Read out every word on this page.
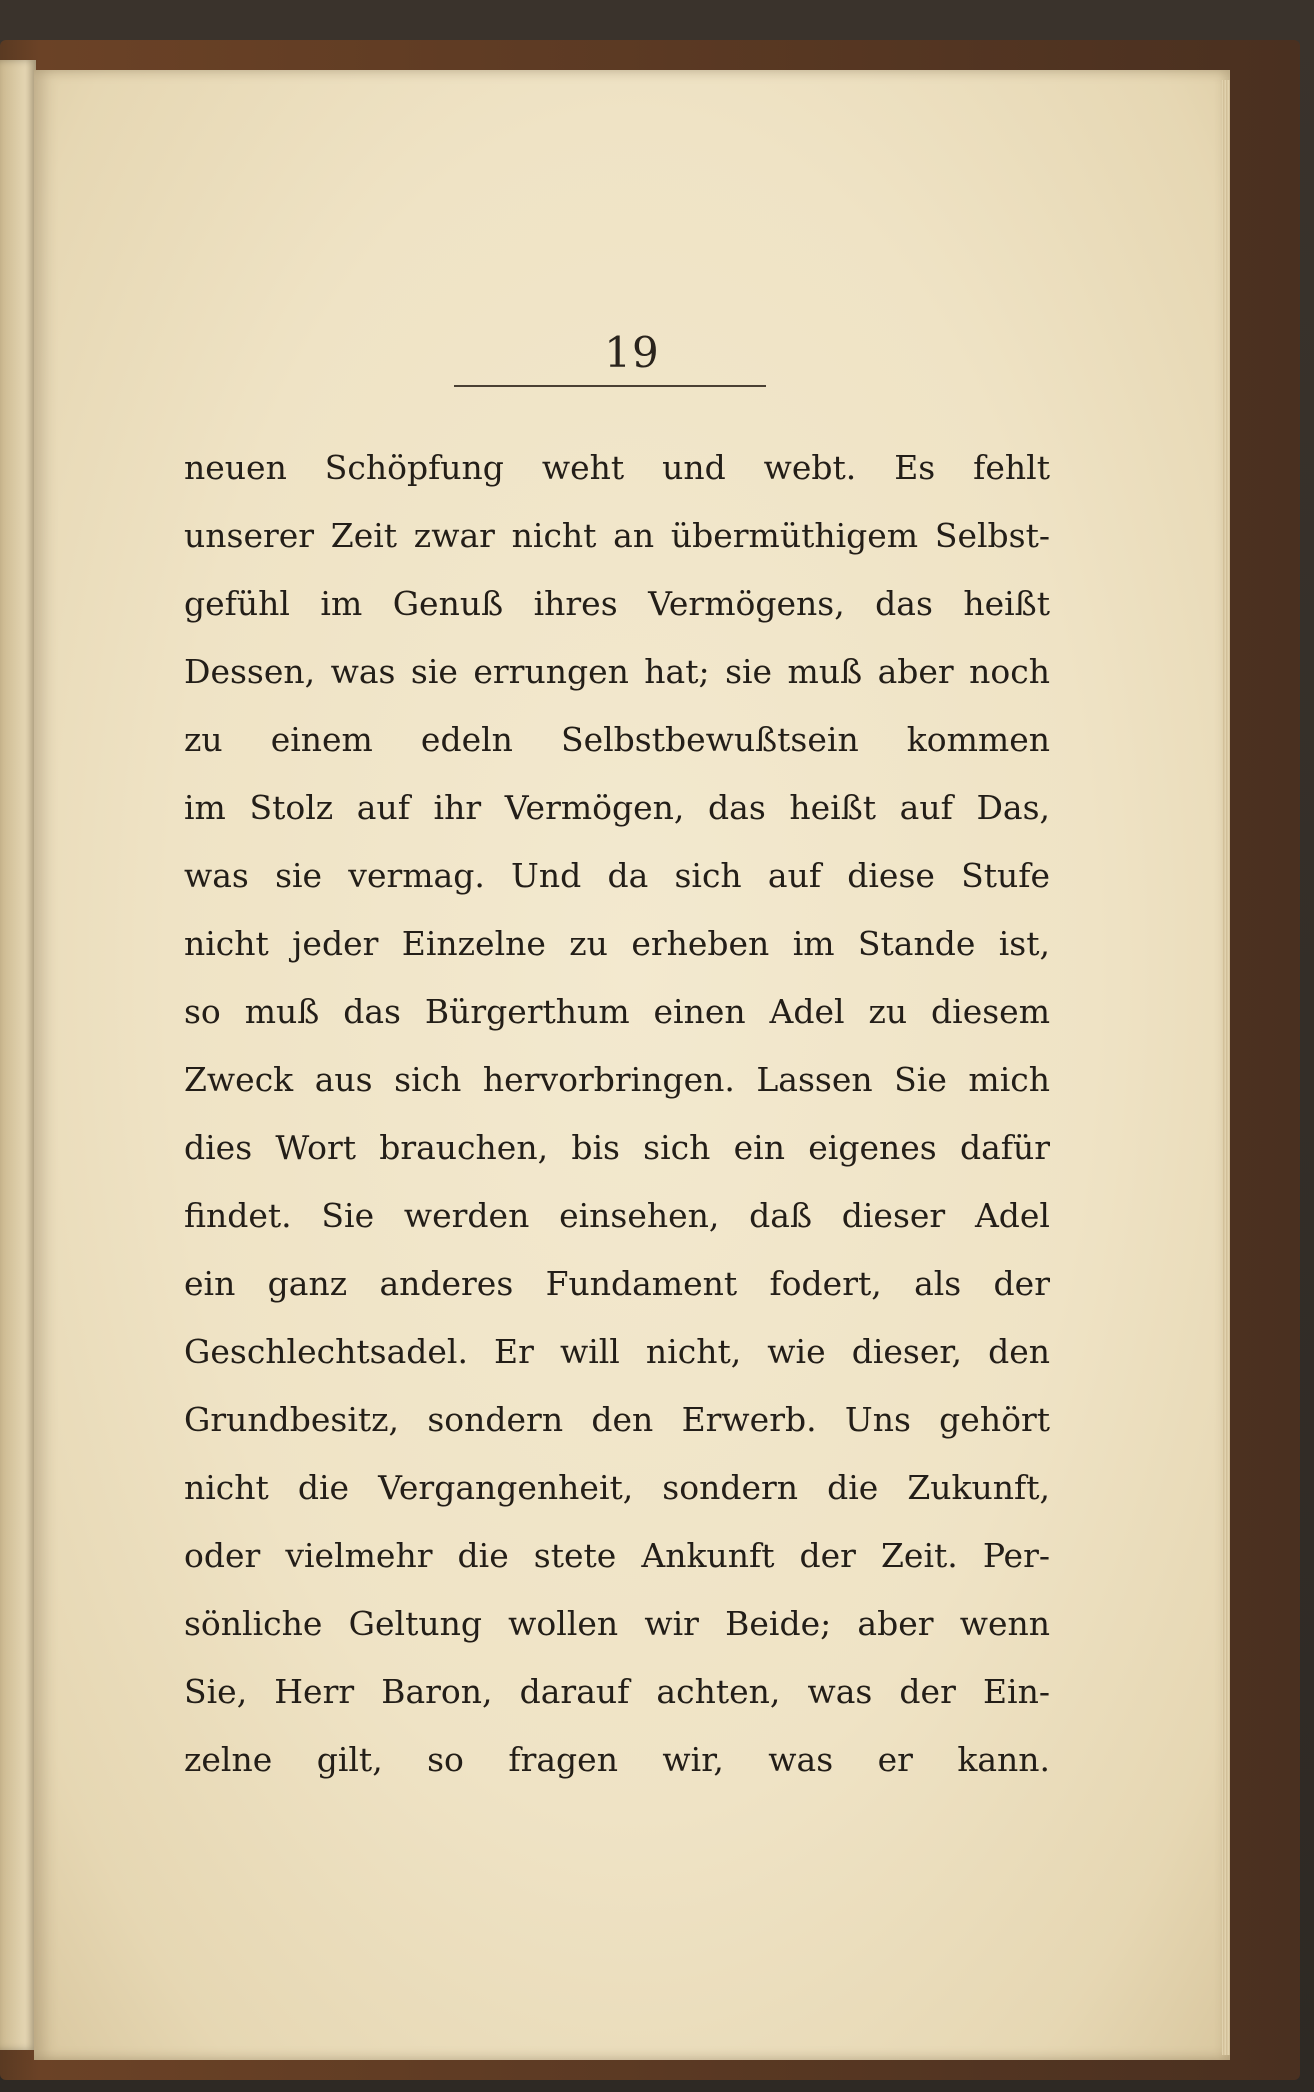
19
neuen Schöpfung weht und webt. Es fehlt
unserer Zeit zwar nicht an übermüthigem Selbst-
gefühl im Genuß ihres Vermögens, das heißt
Dessen, was sie errungen hat; sie muß aber noch
zu einem edeln Selbstbewußtsein kommen
im Stolz auf ihr Vermögen, das heißt auf Das,
was sie vermag. Und da sich auf diese Stufe
nicht jeder Einzelne zu erheben im Stande ist,
so muß das Bürgerthum einen Adel zu diesem
Zweck aus sich hervorbringen. Lassen Sie mich
dies Wort brauchen, bis sich ein eigenes dafür
findet. Sie werden einsehen, daß dieser Adel
ein ganz anderes Fundament fodert, als der
Geschlechtsadel. Er will nicht, wie dieser, den
Grundbesitz, sondern den Erwerb. Uns gehört
nicht die Vergangenheit, sondern die Zukunft,
oder vielmehr die stete Ankunft der Zeit. Per-
sönliche Geltung wollen wir Beide; aber wenn
Sie, Herr Baron, darauf achten, was der Ein-
zelne gilt, so fragen wir, was er kann.
